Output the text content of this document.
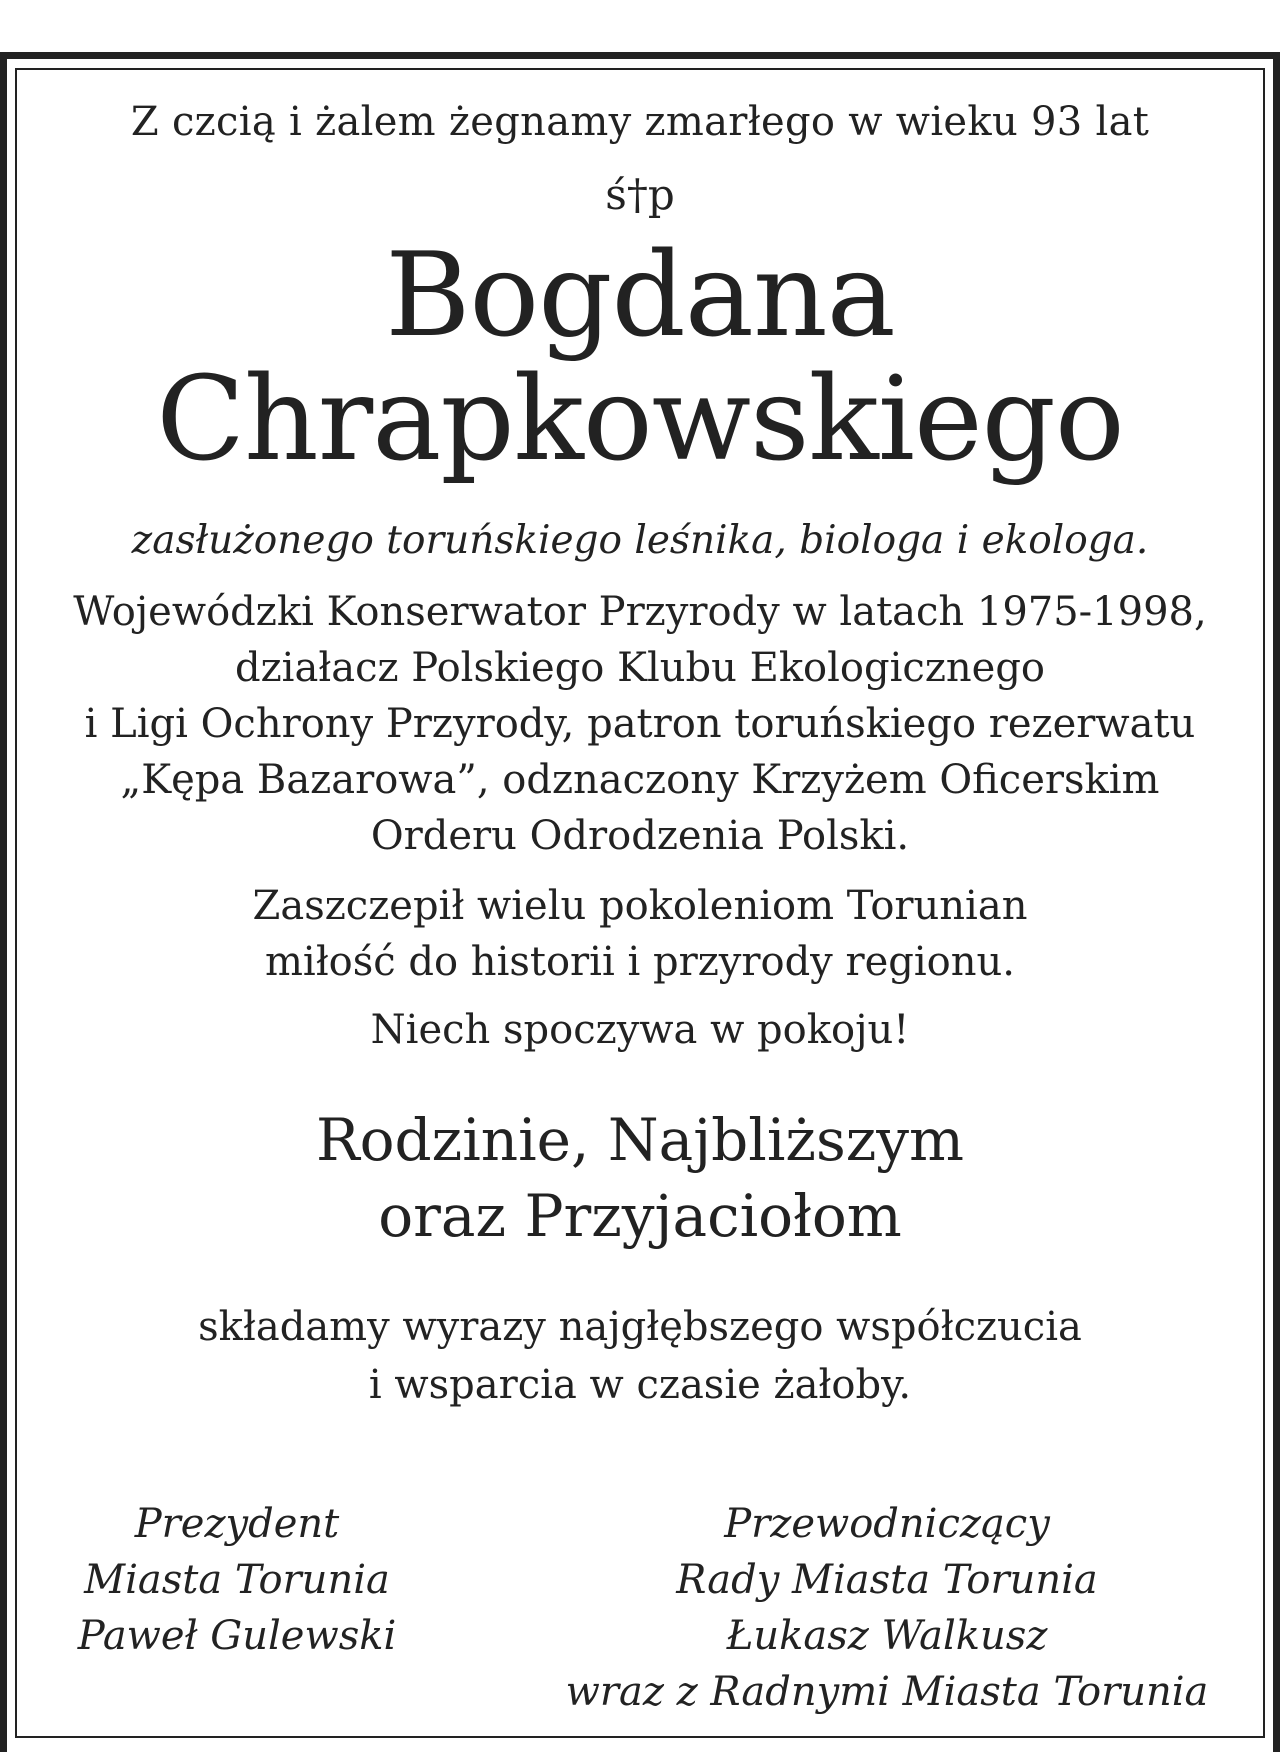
Z czcią i żalem żegnamy zmarłego w wieku 93 lat

ś†p

Bogdana
Chrapkowskiego

zasłużonego toruńskiego leśnika, biologa i ekologa.

Wojewódzki Konserwator Przyrody w latach 1975-1998,
działacz Polskiego Klubu Ekologicznego
i Ligi Ochrony Przyrody, patron toruńskiego rezerwatu
„Kępa Bazarowa”, odznaczony Krzyżem Oficerskim
Orderu Odrodzenia Polski.

Zaszczepił wielu pokoleniom Torunian
miłość do historii i przyrody regionu.

Niech spoczywa w pokoju!

Rodzinie, Najbliższym
oraz Przyjaciołom

składamy wyrazy najgłębszego współczucia
i wsparcia w czasie żałoby.

Prezydent
Miasta Torunia
Paweł Gulewski
Przewodniczący
Rady Miasta Torunia
Łukasz Walkusz
wraz z Radnymi Miasta Torunia
